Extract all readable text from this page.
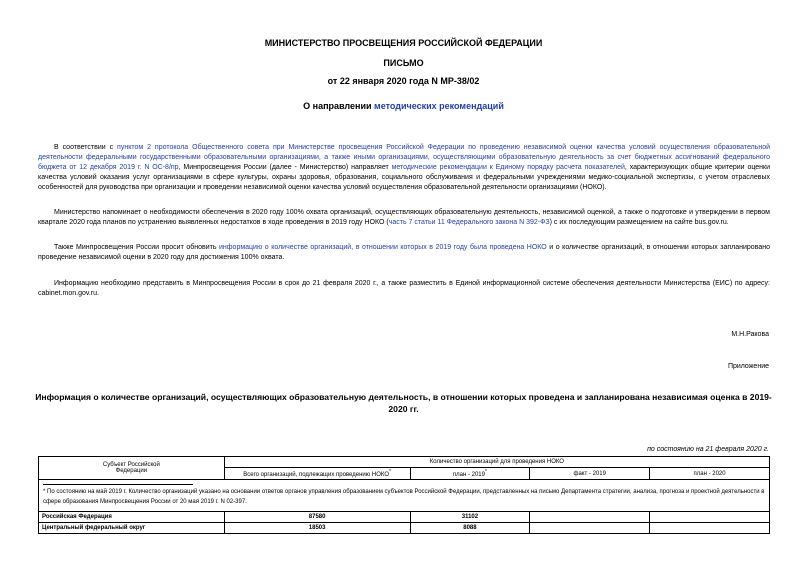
МИНИСТЕРСТВО ПРОСВЕЩЕНИЯ РОССИЙСКОЙ ФЕДЕРАЦИИ
ПИСЬМО
от 22 января 2020 года N МР-38/02
О направлении методических рекомендаций
В соответствии с пунктом 2 протокола Общественного совета при Министерстве просвещения Российской Федерации по проведению независимой оценки качества условий осуществления образовательной деятельности федеральными государственными образовательными организациями, а также иными организациями, осуществляющими образовательную деятельность за счет бюджетных ассигнований федерального бюджета от 12 декабря 2019 г. N ОС-8/пр, Минпросвещения России (далее - Министерство) направляет методические рекомендации к Единому порядку расчета показателей, характеризующих общие критерии оценки качества условий оказания услуг организациями в сфере культуры, охраны здоровья, образования, социального обслуживания и федеральными учреждениями медико-социальной экспертизы, с учетом отраслевых особенностей для руководства при организации и проведении независимой оценки качества условий осуществления образовательной деятельности организациями (НОКО).
Министерство напоминает о необходимости обеспечения в 2020 году 100% охвата организаций, осуществляющих образовательную деятельность, независимой оценкой, а также о подготовке и утверждении в первом квартале 2020 года планов по устранению выявленных недостатков в ходе проведения в 2019 году НОКО (часть 7 статьи 11 Федерального закона N 392-ФЗ) с их последующим размещением на сайте bus.gov.ru.
Также Минпросвещения России просит обновить информацию о количестве организаций, в отношении которых в 2019 году была проведена НОКО и о количестве организаций, в отношении которых запланировано проведение независимой оценки в 2020 году для достижения 100% охвата.
Информацию необходимо представить в Минпросвещения России в срок до 21 февраля 2020 г., а также разместить в Единой информационной системе обеспечения деятельности Министерства (ЕИС) по адресу: cabinet.mon.gov.ru.
М.Н.Ракова
Приложение
Информация о количестве организаций, осуществляющих образовательную деятельность, в отношении которых проведена и запланирована независимая оценка в 2019-2020 гг.
по состоянию на 21 февраля 2020 г.
Субъект Российской
Федерации	Количество организаций для проведения НОКО			
	Всего организаций, подлежащих проведению НОКО*	план - 2019*	факт - 2019	план - 2020

* По состоянию на май 2019 г. Количество организаций указано на основании ответов органов управления образованием субъектов Российской Федерации, представленных на письмо Департамента стратегии, анализа, прогноза и проектной деятельности в сфере образования Минпросвещения России от 20 мая 2019 г. N 02-397.				
Российская Федерация	87580	31102		
Центральный федеральный округ	18503	8088		
